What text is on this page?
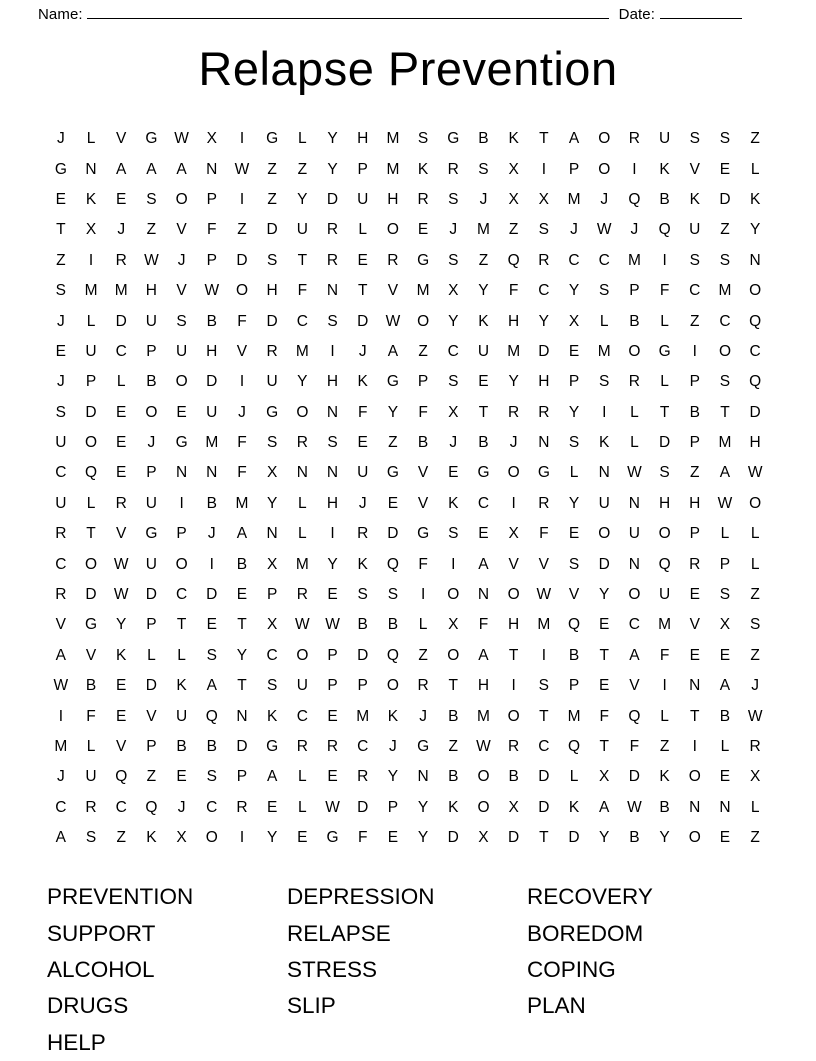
Name:	Date:
Relapse Prevention
J	L	V	G	W	X	I	G	L	Y	H	M	S	G	B	K	T	A	O	R	U	S	S	Z
G	N	A	A	A	N	W	Z	Z	Y	P	M	K	R	S	X	I	P	O	I	K	V	E	L
E	K	E	S	O	P	I	Z	Y	D	U	H	R	S	J	X	X	M	J	Q	B	K	D	K
T	X	J	Z	V	F	Z	D	U	R	L	O	E	J	M	Z	S	J	W	J	Q	U	Z	Y
Z	I	R	W	J	P	D	S	T	R	E	R	G	S	Z	Q	R	C	C	M	I	S	S	N
S	M	M	H	V	W	O	H	F	N	T	V	M	X	Y	F	C	Y	S	P	F	C	M	O
J	L	D	U	S	B	F	D	C	S	D	W	O	Y	K	H	Y	X	L	B	L	Z	C	Q
E	U	C	P	U	H	V	R	M	I	J	A	Z	C	U	M	D	E	M	O	G	I	O	C
J	P	L	B	O	D	I	U	Y	H	K	G	P	S	E	Y	H	P	S	R	L	P	S	Q
S	D	E	O	E	U	J	G	O	N	F	Y	F	X	T	R	R	Y	I	L	T	B	T	D
U	O	E	J	G	M	F	S	R	S	E	Z	B	J	B	J	N	S	K	L	D	P	M	H
C	Q	E	P	N	N	F	X	N	N	U	G	V	E	G	O	G	L	N	W	S	Z	A	W
U	L	R	U	I	B	M	Y	L	H	J	E	V	K	C	I	R	Y	U	N	H	H	W	O
R	T	V	G	P	J	A	N	L	I	R	D	G	S	E	X	F	E	O	U	O	P	L	L
C	O	W	U	O	I	B	X	M	Y	K	Q	F	I	A	V	V	S	D	N	Q	R	P	L
R	D	W	D	C	D	E	P	R	E	S	S	I	O	N	O	W	V	Y	O	U	E	S	Z
V	G	Y	P	T	E	T	X	W	W	B	B	L	X	F	H	M	Q	E	C	M	V	X	S
A	V	K	L	L	S	Y	C	O	P	D	Q	Z	O	A	T	I	B	T	A	F	E	E	Z
W	B	E	D	K	A	T	S	U	P	P	O	R	T	H	I	S	P	E	V	I	N	A	J
I	F	E	V	U	Q	N	K	C	E	M	K	J	B	M	O	T	M	F	Q	L	T	B	W
M	L	V	P	B	B	D	G	R	R	C	J	G	Z	W	R	C	Q	T	F	Z	I	L	R
J	U	Q	Z	E	S	P	A	L	E	R	Y	N	B	O	B	D	L	X	D	K	O	E	X
C	R	C	Q	J	C	R	E	L	W	D	P	Y	K	O	X	D	K	A	W	B	N	N	L
A	S	Z	K	X	O	I	Y	E	G	F	E	Y	D	X	D	T	D	Y	B	Y	O	E	Z
PREVENTION
SUPPORT
ALCOHOL
DRUGS
HELP
DEPRESSION
RELAPSE
STRESS
SLIP
RECOVERY
BOREDOM
COPING
PLAN
